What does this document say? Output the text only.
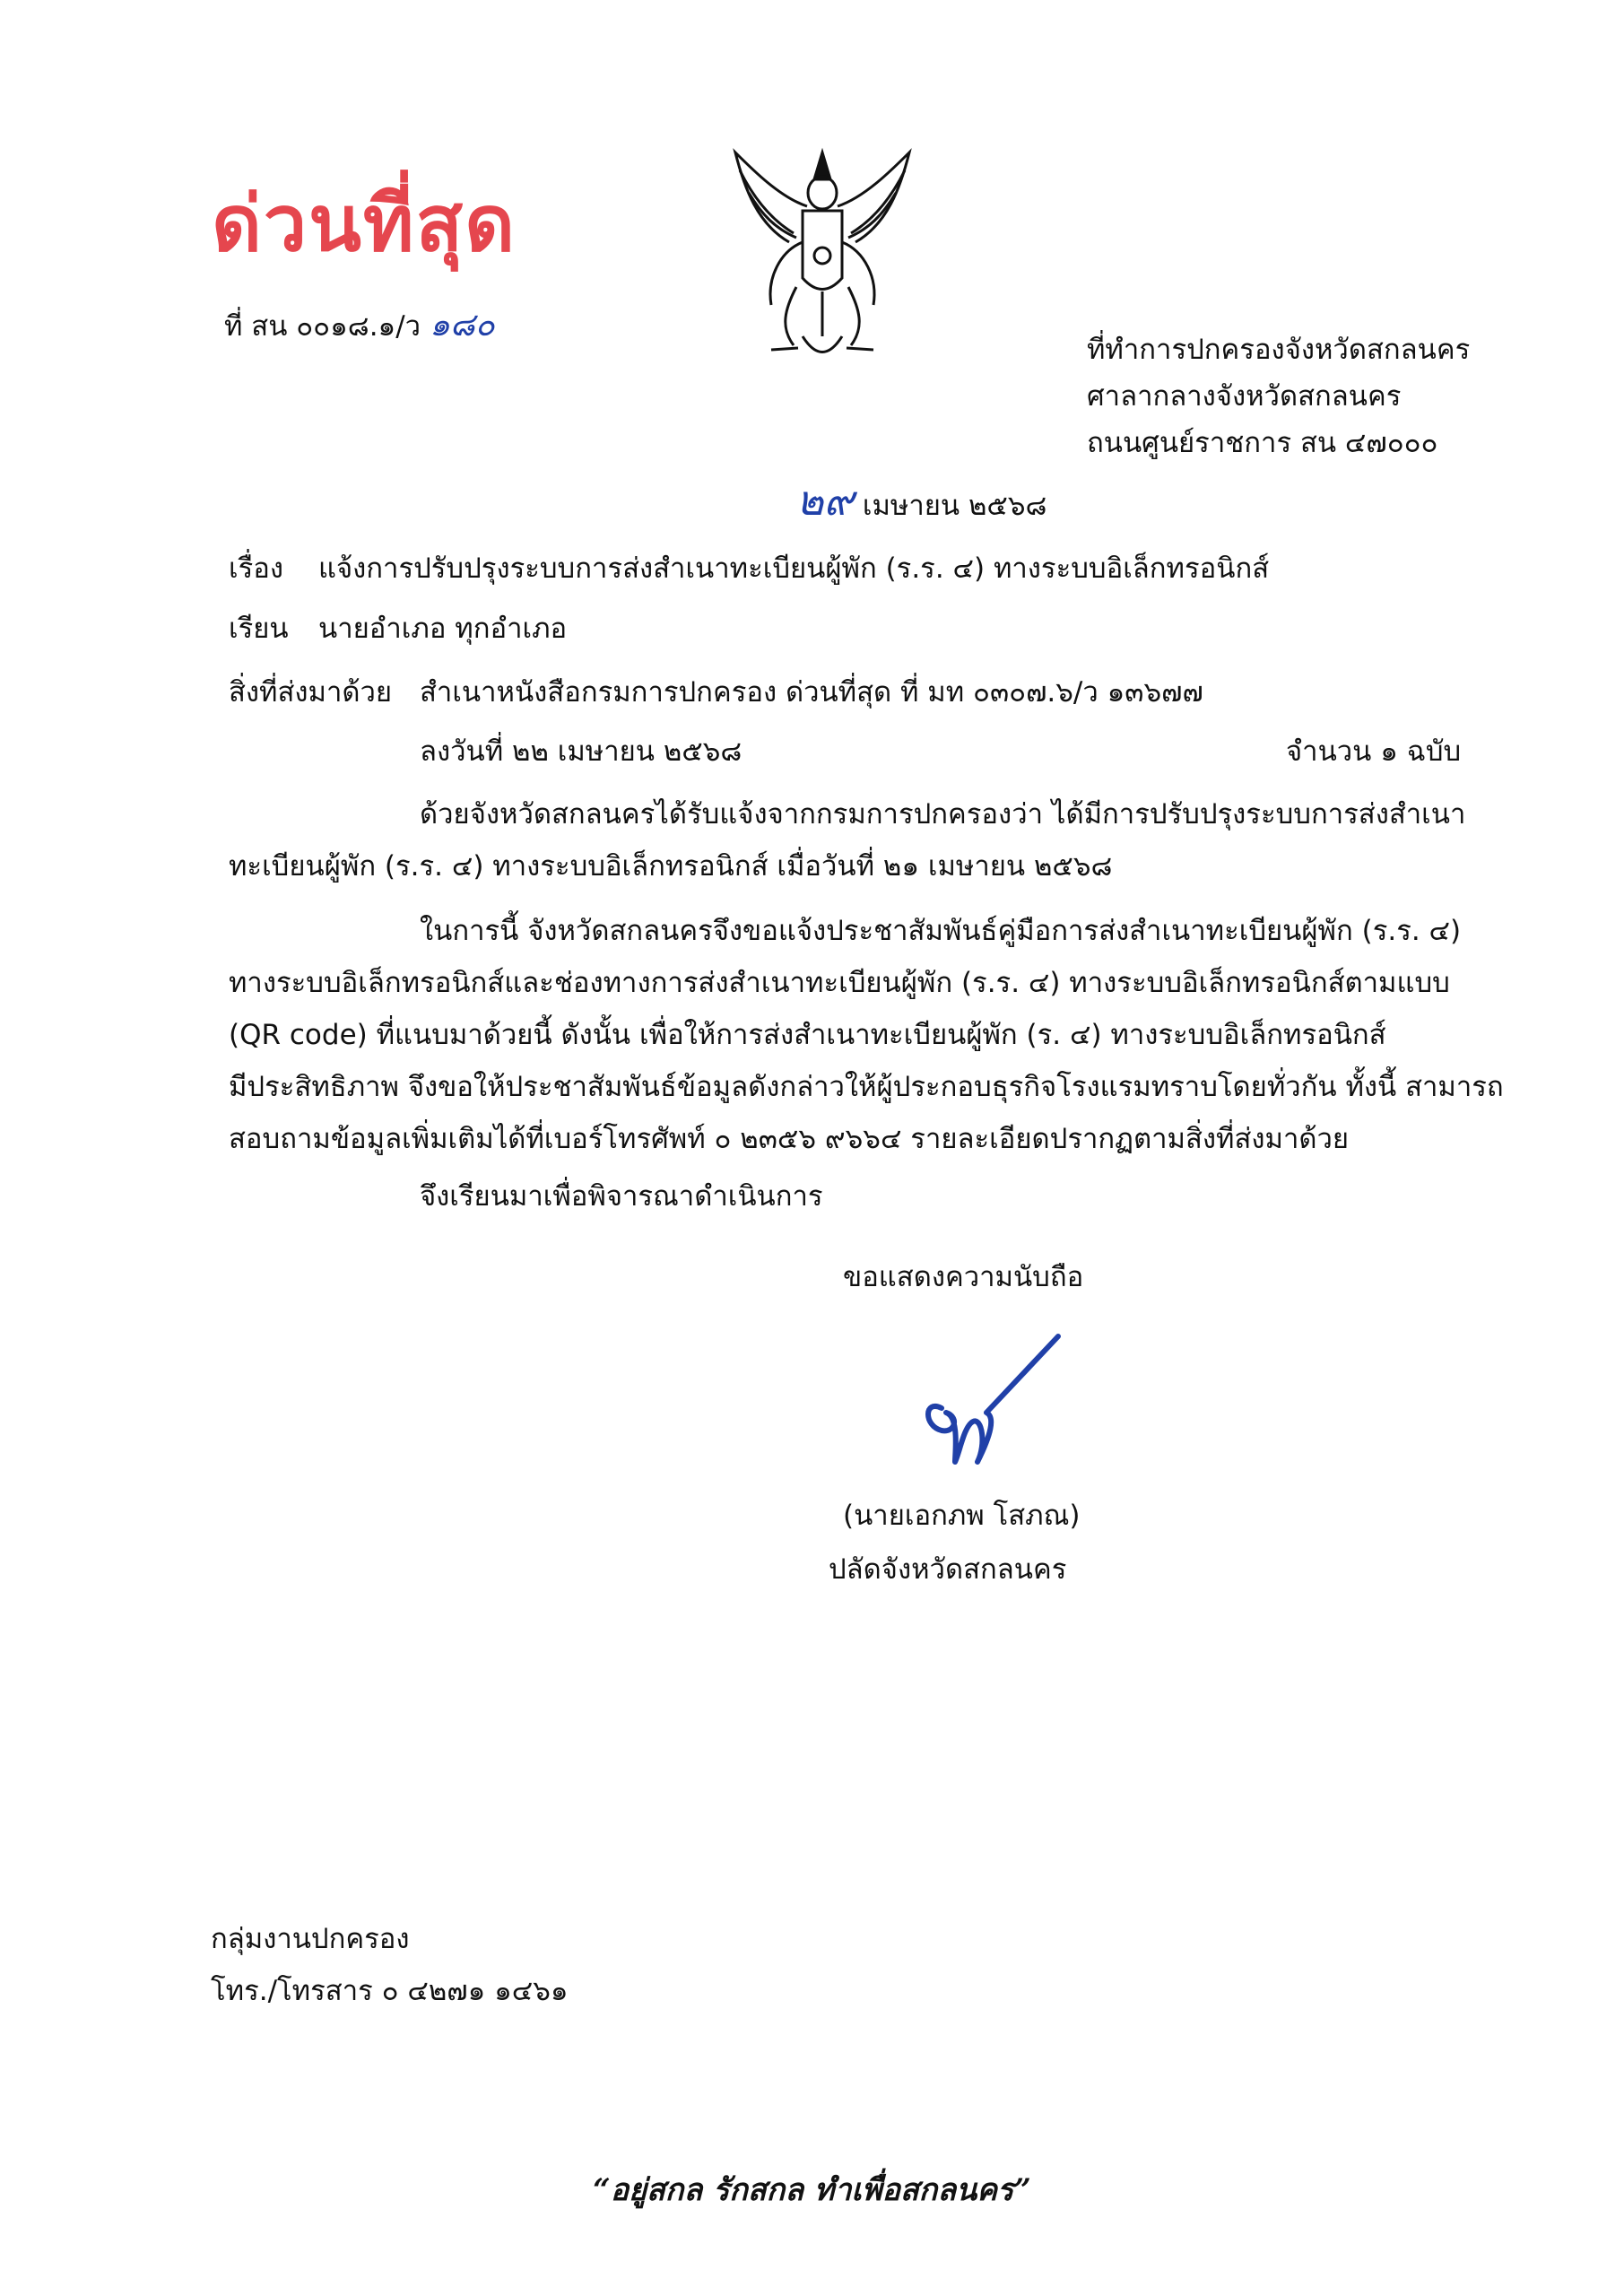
ด่วนที่สุด
ที่ สน ๐๐๑๘.๑/ว ๑๘๐
ที่ทำการปกครองจังหวัดสกลนคร
ศาลากลางจังหวัดสกลนคร
ถนนศูนย์ราชการ สน ๔๗๐๐๐
๒๙ เมษายน ๒๕๖๘
เรื่อง แจ้งการปรับปรุงระบบการส่งสำเนาทะเบียนผู้พัก (ร.ร. ๔) ทางระบบอิเล็กทรอนิกส์
เรียน นายอำเภอ ทุกอำเภอ
สิ่งที่ส่งมาด้วย สำเนาหนังสือกรมการปกครอง ด่วนที่สุด ที่ มท ๐๓๐๗.๖/ว ๑๓๖๗๗
ลงวันที่ ๒๒ เมษายน ๒๕๖๘	จำนวน ๑ ฉบับ
ด้วยจังหวัดสกลนครได้รับแจ้งจากกรมการปกครองว่า ได้มีการปรับปรุงระบบการส่งสำเนา
ทะเบียนผู้พัก (ร.ร. ๔) ทางระบบอิเล็กทรอนิกส์ เมื่อวันที่ ๒๑ เมษายน ๒๕๖๘
ในการนี้ จังหวัดสกลนครจึงขอแจ้งประชาสัมพันธ์คู่มือการส่งสำเนาทะเบียนผู้พัก (ร.ร. ๔)
ทางระบบอิเล็กทรอนิกส์และช่องทางการส่งสำเนาทะเบียนผู้พัก (ร.ร. ๔) ทางระบบอิเล็กทรอนิกส์ตามแบบ
(QR code) ที่แนบมาด้วยนี้ ดังนั้น เพื่อให้การส่งสำเนาทะเบียนผู้พัก (ร. ๔) ทางระบบอิเล็กทรอนิกส์
มีประสิทธิภาพ จึงขอให้ประชาสัมพันธ์ข้อมูลดังกล่าวให้ผู้ประกอบธุรกิจโรงแรมทราบโดยทั่วกัน ทั้งนี้ สามารถ
สอบถามข้อมูลเพิ่มเติมได้ที่เบอร์โทรศัพท์ ๐ ๒๓๕๖ ๙๖๖๔ รายละเอียดปรากฏตามสิ่งที่ส่งมาด้วย
จึงเรียนมาเพื่อพิจารณาดำเนินการ
ขอแสดงความนับถือ
(นายเอกภพ โสภณ)
ปลัดจังหวัดสกลนคร
กลุ่มงานปกครอง
โทร./โทรสาร ๐ ๔๒๗๑ ๑๔๖๑
“อยู่สกล รักสกล ทำเพื่อสกลนคร”
